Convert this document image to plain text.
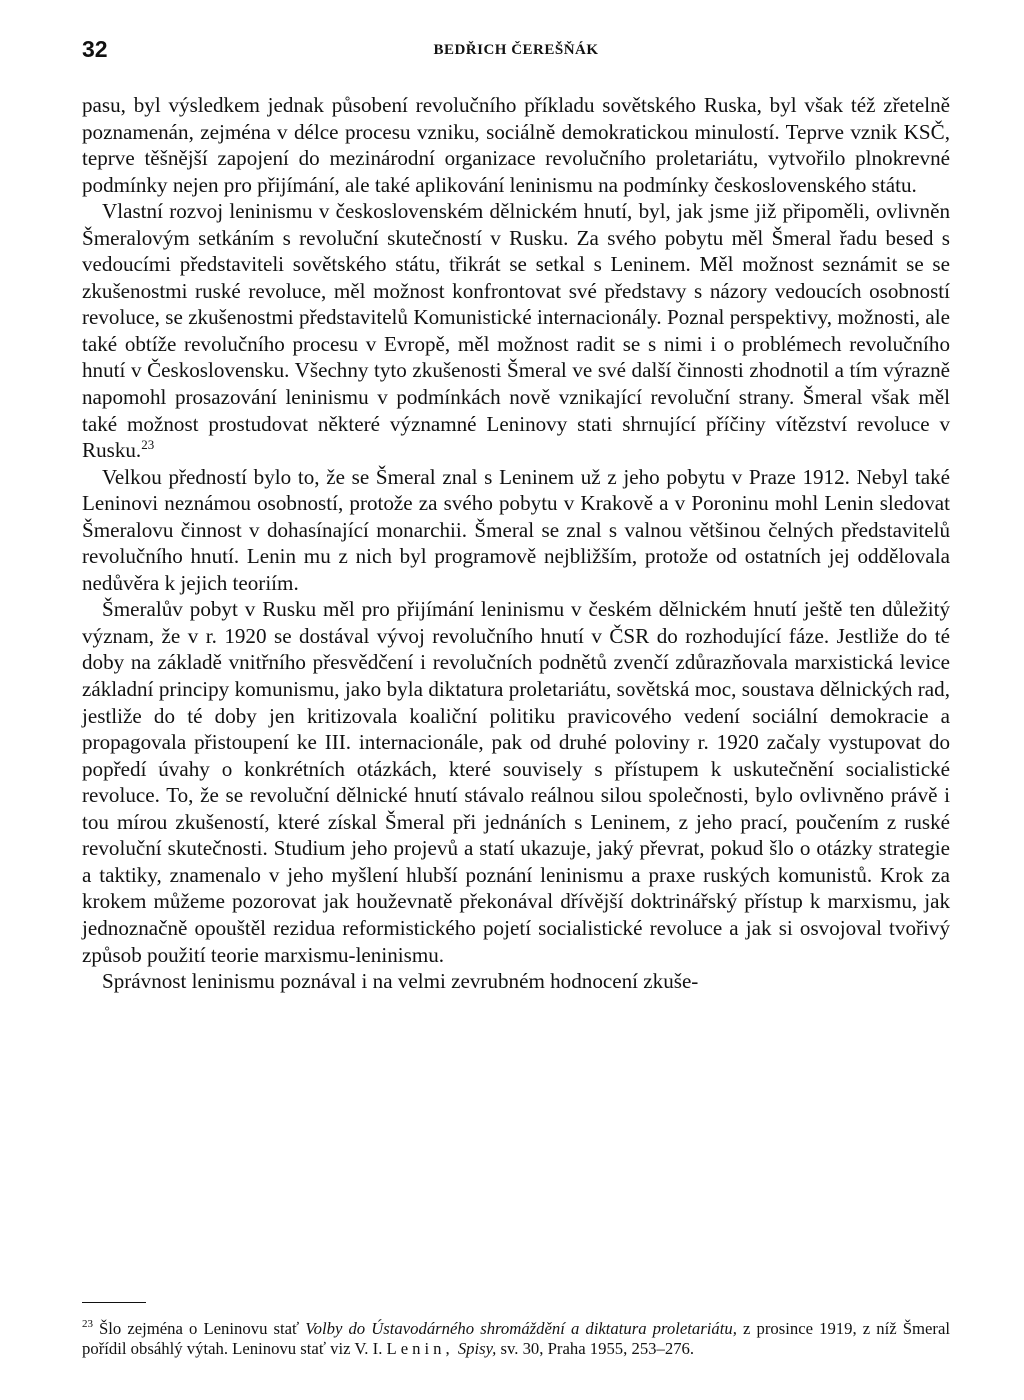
32	BEDŘICH ČEREŠŇÁK

pasu, byl výsledkem jednak působení revolučního příkladu sovětského Ruska, byl však též zřetelně poznamenán, zejména v délce procesu vzniku, sociálně demokratickou minulostí. Teprve vznik KSČ, teprve těšnější zapojení do mezinárodní organizace revolučního proletariátu, vytvořilo plnokrevné podmínky nejen pro přijímání, ale také aplikování leninismu na podmínky československého státu.

Vlastní rozvoj leninismu v československém dělnickém hnutí, byl, jak jsme již připoměli, ovlivněn Šmeralovým setkáním s revoluční skutečností v Rusku. Za svého pobytu měl Šmeral řadu besed s vedoucími představiteli sovětského státu, třikrát se setkal s Leninem. Měl možnost seznámit se se zkušenostmi ruské revoluce, měl možnost konfrontovat své představy s názory vedoucích osobností revoluce, se zkušenostmi představitelů Komunistické internacionály. Poznal perspektivy, možnosti, ale také obtíže revolučního procesu v Evropě, měl možnost radit se s nimi i o problémech revolučního hnutí v Československu. Všechny tyto zkušenosti Šmeral ve své další činnosti zhodnotil a tím výrazně napomohl prosazování leninismu v podmínkách nově vznikající revoluční strany. Šmeral však měl také možnost prostudovat některé významné Leninovy stati shrnující příčiny vítězství revoluce v Rusku.$^{23}$

Velkou předností bylo to, že se Šmeral znal s Leninem už z jeho pobytu v Praze 1912. Nebyl také Leninovi neznámou osobností, protože za svého pobytu v Krakově a v Poroninu mohl Lenin sledovat Šmeralovu činnost v dohasínající monarchii. Šmeral se znal s valnou většinou čelných představitelů revolučního hnutí. Lenin mu z nich byl programově nejbližším, protože od ostatních jej oddělovala nedůvěra k jejich teoriím.

Šmeralův pobyt v Rusku měl pro přijímání leninismu v českém dělnickém hnutí ještě ten důležitý význam, že v r. 1920 se dostával vývoj revolučního hnutí v ČSR do rozhodující fáze. Jestliže do té doby na základě vnitřního přesvědčení i revolučních podnětů zvenčí zdůrazňovala marxistická levice základní principy komunismu, jako byla diktatura proletariátu, sovětská moc, soustava dělnických rad, jestliže do té doby jen kritizovala koaliční politiku pravicového vedení sociální demokracie a propagovala přistoupení ke III. internacionále, pak od druhé poloviny r. 1920 začaly vystupovat do popředí úvahy o konkrétních otázkách, které souvisely s přístupem k uskutečnění socialistické revoluce. To, že se revoluční dělnické hnutí stávalo reálnou silou společnosti, bylo ovlivněno právě i tou mírou zkušeností, které získal Šmeral při jednáních s Leninem, z jeho prací, poučením z ruské revoluční skutečnosti. Studium jeho projevů a statí ukazuje, jaký převrat, pokud šlo o otázky strategie a taktiky, znamenalo v jeho myšlení hlubší poznání leninismu a praxe ruských komunistů. Krok za krokem můžeme pozorovat jak houževnatě překonával dřívější doktrinářský přístup k marxismu, jak jednoznačně opouštěl rezidua reformistického pojetí socialistické revoluce a jak si osvojoval tvořivý způsob použití teorie marxismu-leninismu.

Správnost leninismu poznával i na velmi zevrubném hodnocení zkuše-

$^{23}$ Šlo zejména o Leninovu stať Volby do Ústavodárného shromáždění a diktatura proletariátu, z prosince 1919, z níž Šmeral pořídil obsáhlý výtah. Leninovu stať viz V. I. Lenin, Spisy, sv. 30, Praha 1955, 253–276.
